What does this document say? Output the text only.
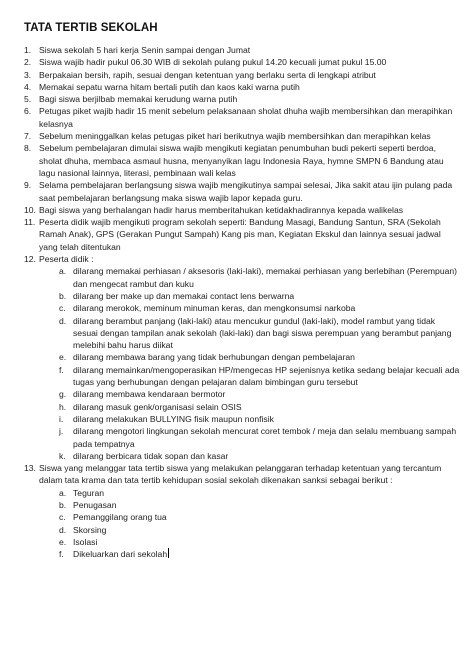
TATA TERTIB SEKOLAH
1. Siswa sekolah 5 hari kerja Senin sampai dengan Jumat
2. Siswa wajib hadir pukul 06.30 WIB di sekolah pulang pukul 14.20 kecuali jumat pukul 15.00
3. Berpakaian bersih, rapih, sesuai dengan ketentuan yang berlaku serta di lengkapi atribut
4. Memakai sepatu warna hitam bertali putih dan kaos kaki warna putih
5. Bagi siswa berjilbab memakai kerudung warna putih
6. Petugas piket wajib hadir 15 menit sebelum pelaksanaan sholat dhuha wajib membersihkan dan merapihkan kelasnya
7. Sebelum meninggalkan kelas petugas piket hari berikutnya wajib membersihkan dan merapihkan kelas
8. Sebelum pembelajaran dimulai siswa wajib mengikuti kegiatan penumbuhan budi pekerti seperti berdoa, sholat dhuha, membaca asmaul husna, menyanyikan lagu Indonesia Raya, hymne SMPN 6 Bandung atau lagu nasional lainnya, literasi, pembinaan wali kelas
9. Selama pembelajaran berlangsung siswa wajib mengikutinya sampai selesai, Jika sakit atau ijin pulang pada saat pembelajaran berlangsung maka siswa wajib lapor kepada guru.
10. Bagi siswa yang berhalangan hadir harus memberitahukan ketidakhadirannya kepada walikelas
11. Peserta didik wajib mengikuti program sekolah seperti: Bandung Masagi, Bandung Santun, SRA (Sekolah Ramah Anak), GPS (Gerakan Pungut Sampah) Kang pis man, Kegiatan Ekskul dan lainnya sesuai jadwal yang telah ditentukan
12. Peserta didik :
a. dilarang memakai perhiasan / aksesoris (laki-laki), memakai perhiasan yang berlebihan (Perempuan) dan mengecat rambut dan kuku
b. dilarang ber make up dan memakai contact lens berwarna
c. dilarang merokok, meminum minuman keras, dan mengkonsumsi narkoba
d. dilarang berambut panjang (laki-laki) atau mencukur gundul (laki-laki), model rambut yang tidak sesuai dengan tampilan anak sekolah (laki-laki) dan bagi siswa perempuan yang berambut panjang melebihi bahu harus diikat
e. dilarang membawa barang yang tidak berhubungan dengan pembelajaran
f.	dilarang memainkan/mengoperasikan HP/mengecas HP sejenisnya ketika sedang belajar kecuali ada tugas yang berhubungan dengan pelajaran dalam bimbingan guru tersebut
g. dilarang membawa kendaraan bermotor
h. dilarang masuk genk/organisasi selain OSIS
i.	dilarang melakukan BULLYING fisik maupun nonfisik
j.	dilarang mengotori lingkungan sekolah mencurat coret tembok / meja dan selalu membuang sampah pada tempatnya
k. dilarang berbicara tidak sopan dan kasar
13. Siswa yang melanggar tata tertib siswa yang melakukan pelanggaran terhadap ketentuan yang tercantum dalam tata krama dan tata tertib kehidupan sosial sekolah dikenakan sanksi sebagai berikut :
a. Teguran
b. Penugasan
c. Pemanggilang orang tua
d. Skorsing
e. Isolasi
f.	Dikeluarkan dari sekolah
